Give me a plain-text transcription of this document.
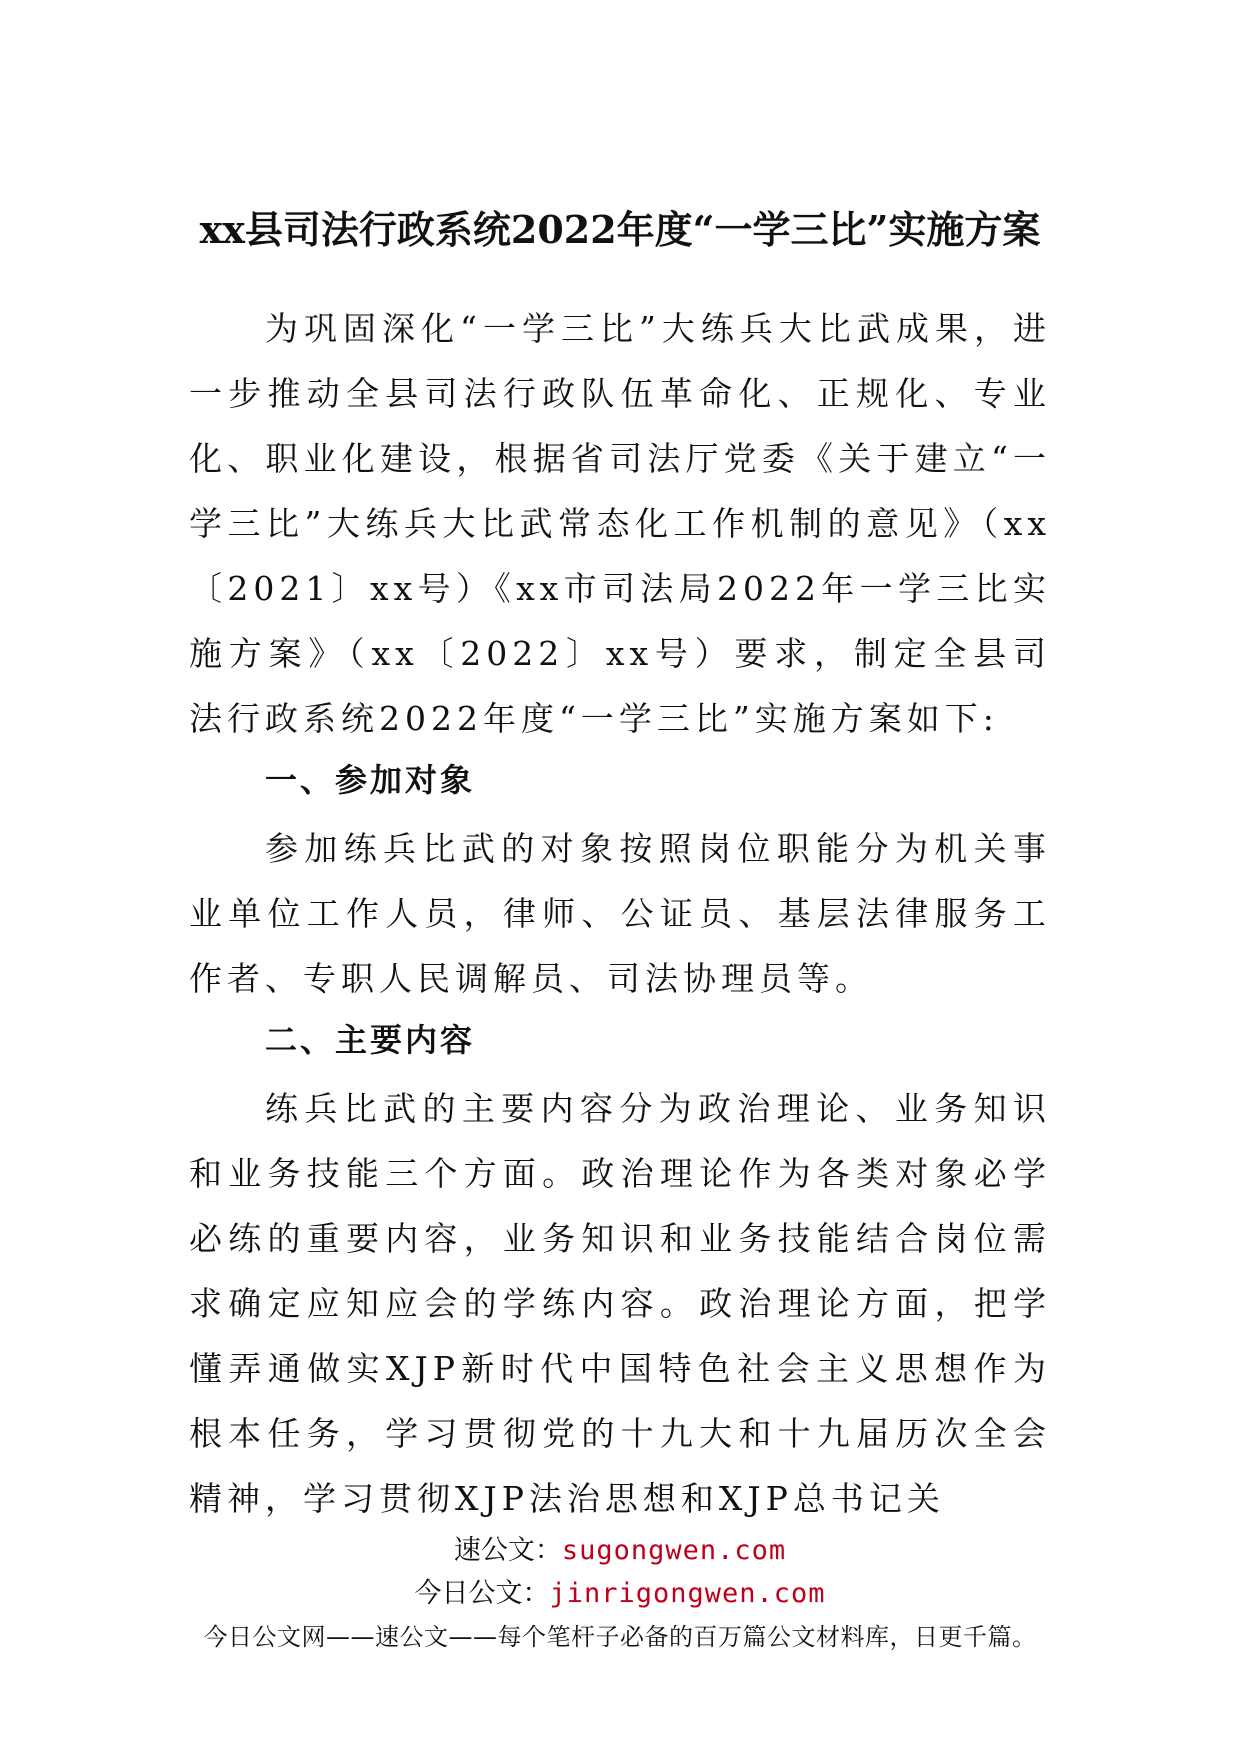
xx县司法行政系统2022年度“一学三比”实施方案

为巩固深化“一学三比”大练兵大比武成果，进一步推动全县司法行政队伍革命化、正规化、专业化、职业化建设，根据省司法厅党委《关于建立“一学三比”大练兵大比武常态化工作机制的意见》（xx〔2021〕xx号）《xx市司法局2022年一学三比实施方案》（xx〔2022〕xx号）要求，制定全县司法行政系统2022年度“一学三比”实施方案如下:

一、参加对象

参加练兵比武的对象按照岗位职能分为机关事业单位工作人员，律师、公证员、基层法律服务工作者、专职人民调解员、司法协理员等。

二、主要内容

练兵比武的主要内容分为政治理论、业务知识和业务技能三个方面。政治理论作为各类对象必学必练的重要内容，业务知识和业务技能结合岗位需求确定应知应会的学练内容。政治理论方面，把学懂弄通做实XJP新时代中国特色社会主义思想作为根本任务，学习贯彻党的十九大和十九届历次全会精神，学习贯彻XJP法治思想和XJP总书记关

速公文：sugongwen.com
今日公文：jinrigongwen.com
今日公文网——速公文——每个笔杆子必备的百万篇公文材料库，日更千篇。
